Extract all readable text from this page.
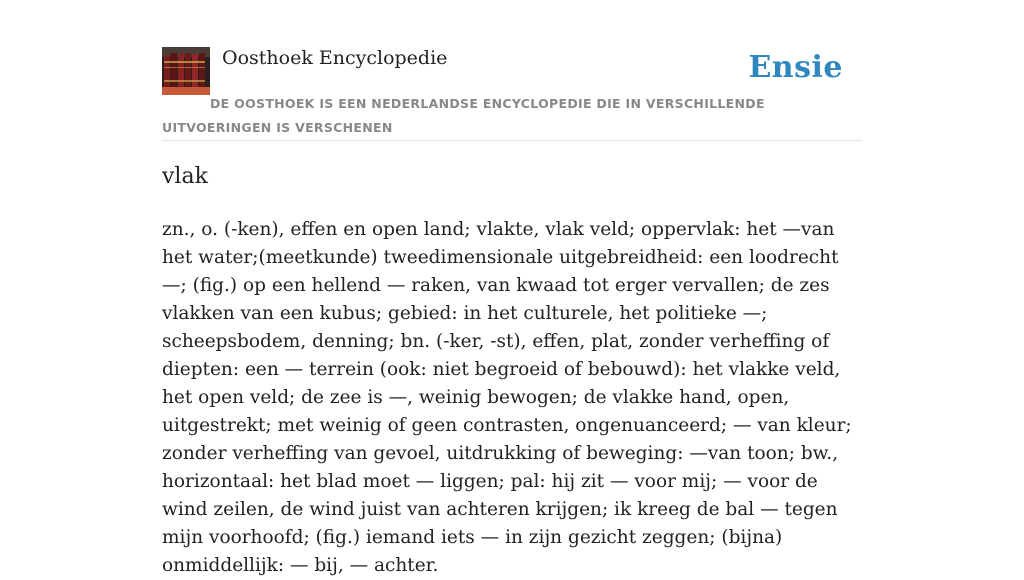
Oosthoek Encyclopedie	Ensie
DE OOSTHOEK IS EEN NEDERLANDSE ENCYCLOPEDIE DIE IN VERSCHILLENDE UITVOERINGEN IS VERSCHENEN
vlak

zn., o. (-ken), effen en open land; vlakte, vlak veld; oppervlak: het —van het water;(meetkunde) tweedimensionale uitgebreidheid: een loodrecht —; (fig.) op een hellend — raken, van kwaad tot erger vervallen; de zes vlakken van een kubus; gebied: in het culturele, het politieke —; scheepsbodem, denning; bn. (-ker, -st), effen, plat, zonder verheffing of diepten: een — terrein (ook: niet begroeid of bebouwd): het vlakke veld, het open veld; de zee is —, weinig bewogen; de vlakke hand, open, uitgestrekt; met weinig of geen contrasten, ongenuanceerd; — van kleur; zonder verheffing van gevoel, uitdrukking of beweging: —van toon; bw., horizontaal: het blad moet — liggen; pal: hij zit — voor mij; — voor de wind zeilen, de wind juist van achteren krijgen; ik kreeg de bal — tegen mijn voorhoofd; (fig.) iemand iets — in zijn gezicht zeggen; (bijna) onmiddellijk: — bij, — achter.
